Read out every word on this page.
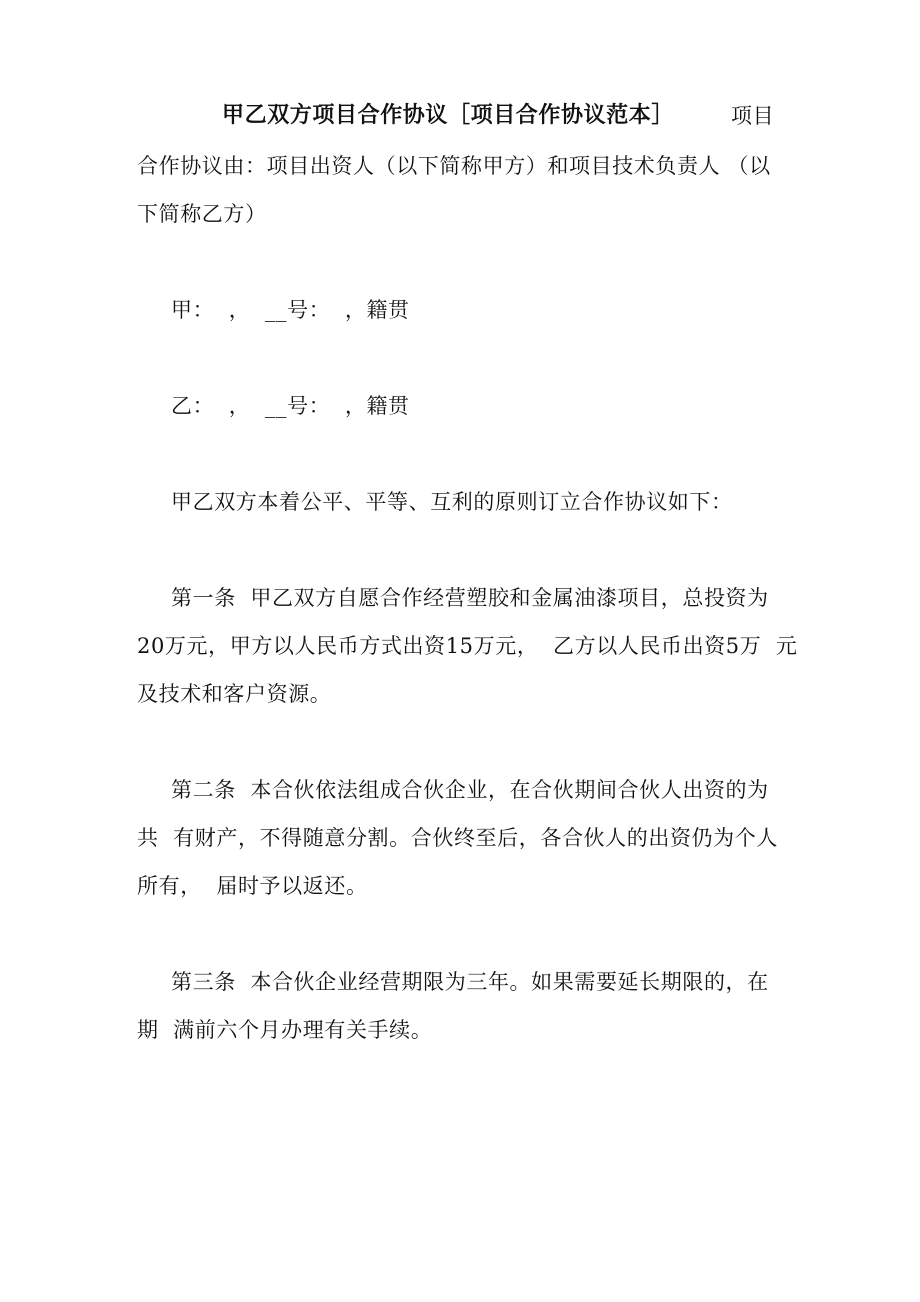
甲乙双方项目合作协议［项目合作协议范本］	项目
合作协议由：项目出资人（以下简称甲方）和项目技术负责人 （以
下简称乙方）
甲：  ，  __号：  ，籍贯
乙：  ，  __号：  ，籍贯
甲乙双方本着公平、平等、互利的原则订立合作协议如下：
第一条  甲乙双方自愿合作经营塑胶和金属油漆项目，总投资为
20万元，甲方以人民币方式出资15万元，  乙方以人民币出资5万  元
及技术和客户资源。
第二条  本合伙依法组成合伙企业，在合伙期间合伙人出资的为
共  有财产，不得随意分割。合伙终至后，各合伙人的出资仍为个人
所有，  届时予以返还。
第三条  本合伙企业经营期限为三年。如果需要延长期限的，在
期  满前六个月办理有关手续。
